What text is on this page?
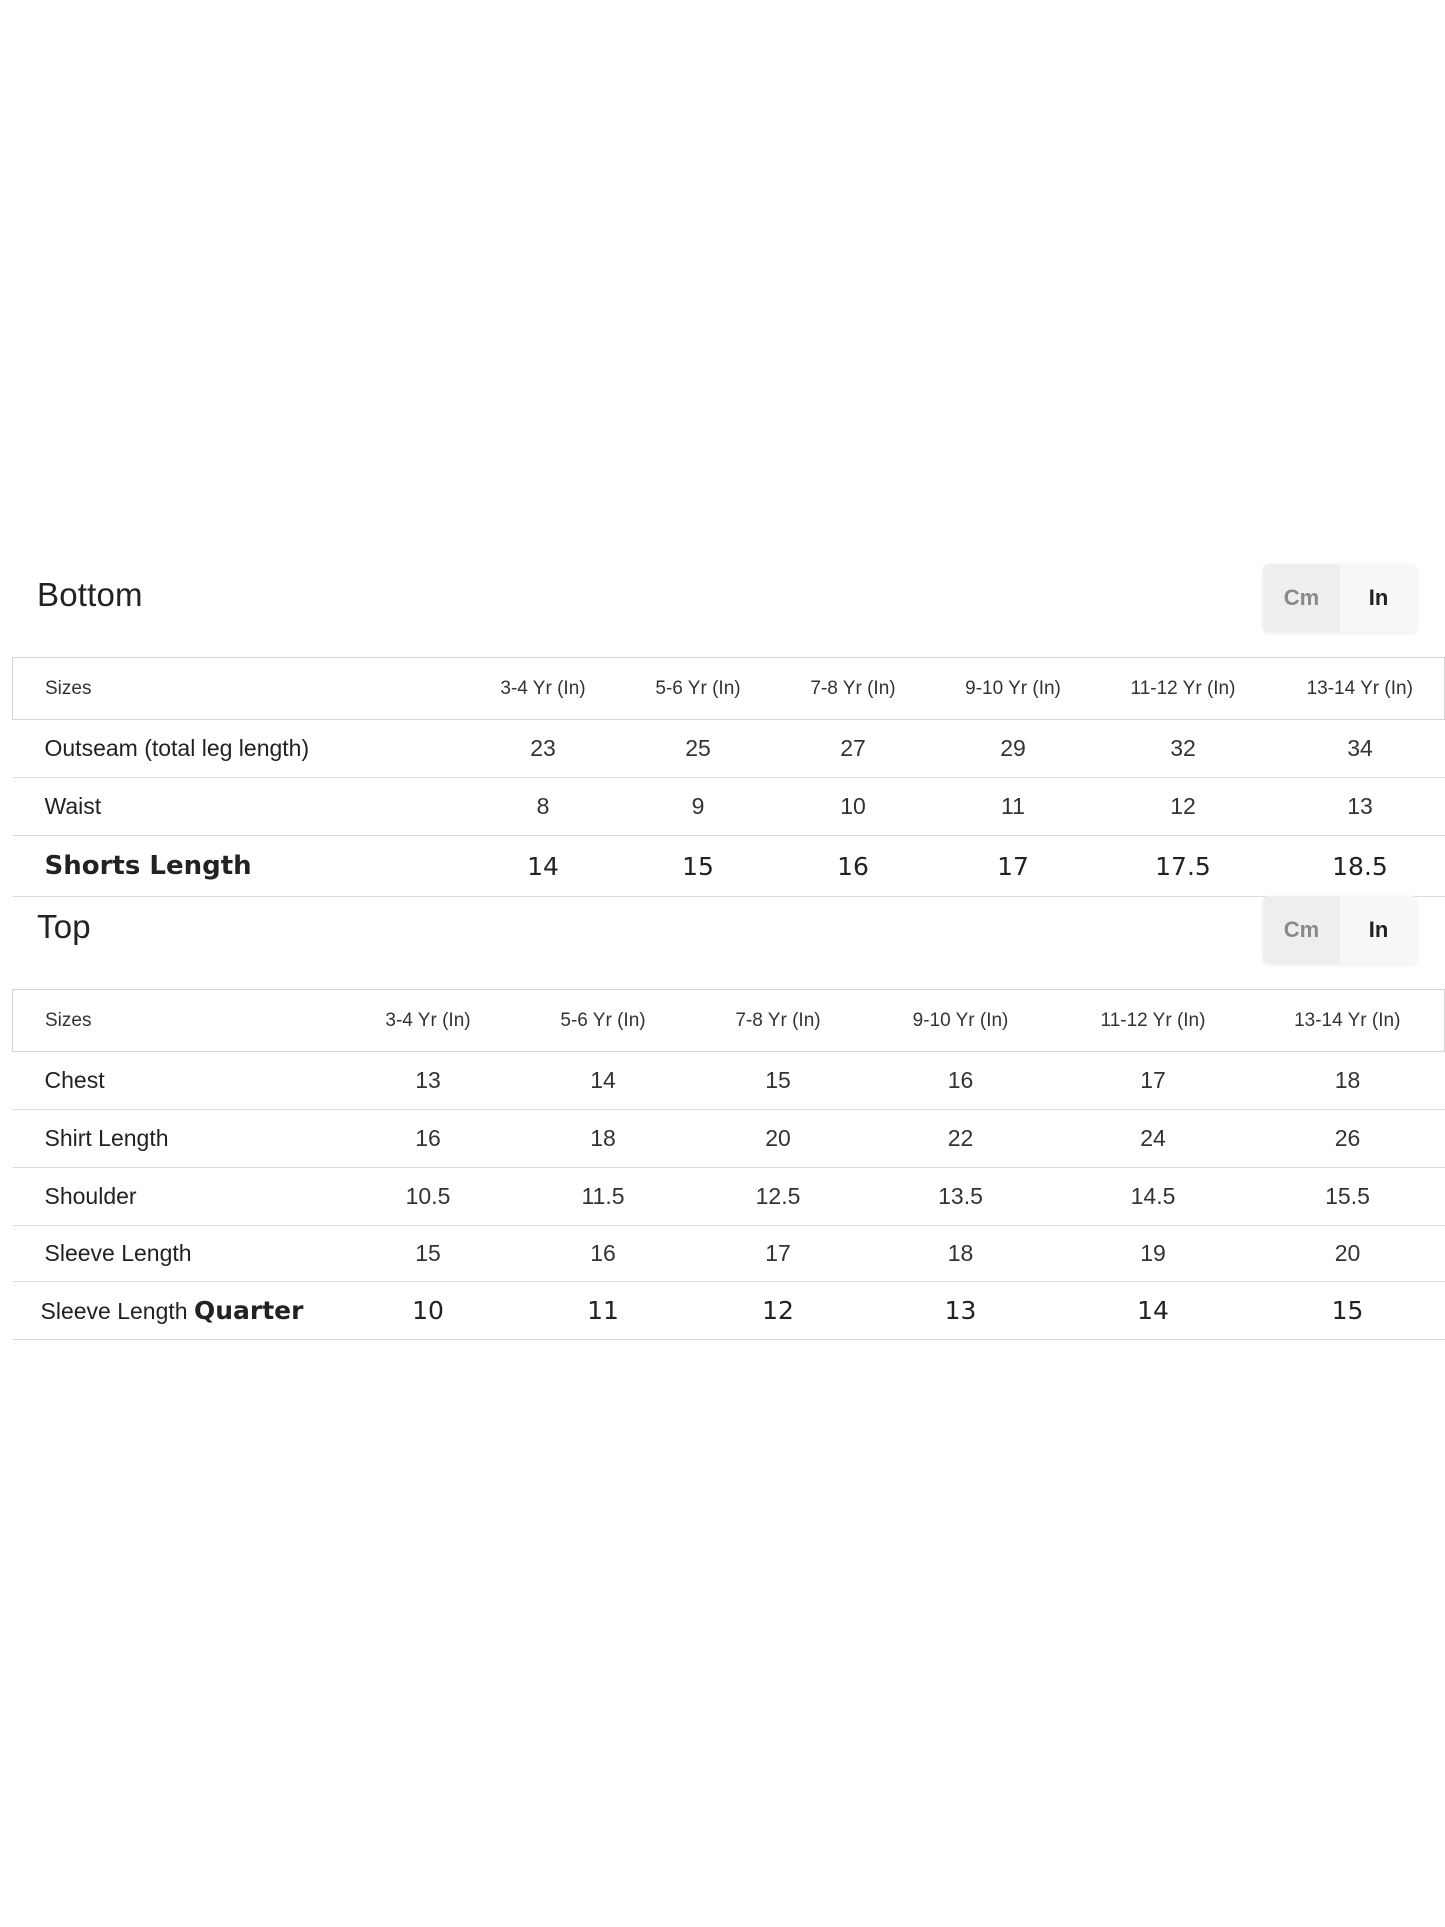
Bottom	Cm	In
Sizes	3-4 Yr (In)	5-6 Yr (In)	7-8 Yr (In)	9-10 Yr (In)	11-12 Yr (In)	13-14 Yr (In)
Outseam (total leg length)	23	25	27	29	32	34
Waist	8	9	10	11	12	13
Shorts Length	14	15	16	17	17.5	18.5
Top	Cm	In
Sizes	3-4 Yr (In)	5-6 Yr (In)	7-8 Yr (In)	9-10 Yr (In)	11-12 Yr (In)	13-14 Yr (In)
Chest	13	14	15	16	17	18
Shirt Length	16	18	20	22	24	26
Shoulder	10.5	11.5	12.5	13.5	14.5	15.5
Sleeve Length	15	16	17	18	19	20
Sleeve Length Quarter	10	11	12	13	14	15
